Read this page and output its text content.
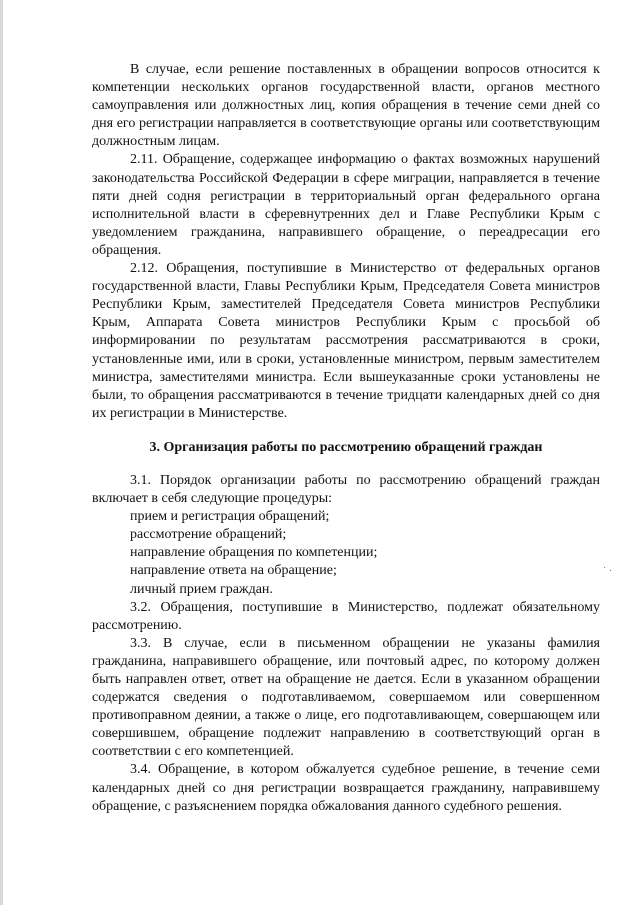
В случае, если решение поставленных в обращении вопросов относится к компетенции нескольких органов государственной власти, органов местного самоуправления или должностных лиц, копия обращения в течение семи дней со дня его регистрации направляется в соответствующие органы или соответствующим должностным лицам.

2.11. Обращение, содержащее информацию о фактах возможных нарушений законодательства Российской Федерации в сфере миграции, направляется в течение пяти дней содня регистрации в территориальный орган федерального органа исполнительной власти в сферевнутренних дел и Главе Республики Крым с уведомлением гражданина, направившего обращение, о переадресации его обращения.

2.12. Обращения, поступившие в Министерство от федеральных органов государственной власти, Главы Республики Крым, Председателя Совета министров Республики Крым, заместителей Председателя Совета министров Республики Крым, Аппарата Совета министров Республики Крым с просьбой об информировании по результатам рассмотрения рассматриваются в сроки, установленные ими, или в сроки, установленные министром, первым заместителем министра, заместителями министра. Если вышеуказанные сроки установлены не были, то обращения рассматриваются в течение тридцати календарных дней со дня их регистрации в Министерстве.

3. Организация работы по рассмотрению обращений граждан

3.1. Порядок организации работы по рассмотрению обращений граждан включает в себя следующие процедуры:

прием и регистрация обращений;

рассмотрение обращений;

направление обращения по компетенции;

направление ответа на обращение;

личный прием граждан.

3.2. Обращения, поступившие в Министерство, подлежат обязательному рассмотрению.

3.3. В случае, если в письменном обращении не указаны фамилия гражданина, направившего обращение, или почтовый адрес, по которому должен быть направлен ответ, ответ на обращение не дается. Если в указанном обращении содержатся сведения о подготавливаемом, совершаемом или совершенном противоправном деянии, а также о лице, его подготавливающем, совершающем или совершившем, обращение подлежит направлению в соответствующий орган в соответствии с его компетенцией.

3.4. Обращение, в котором обжалуется судебное решение, в течение семи календарных дней со дня регистрации возвращается гражданину, направившему обращение, с разъяснением порядка обжалования данного судебного решения.

˙ ·
